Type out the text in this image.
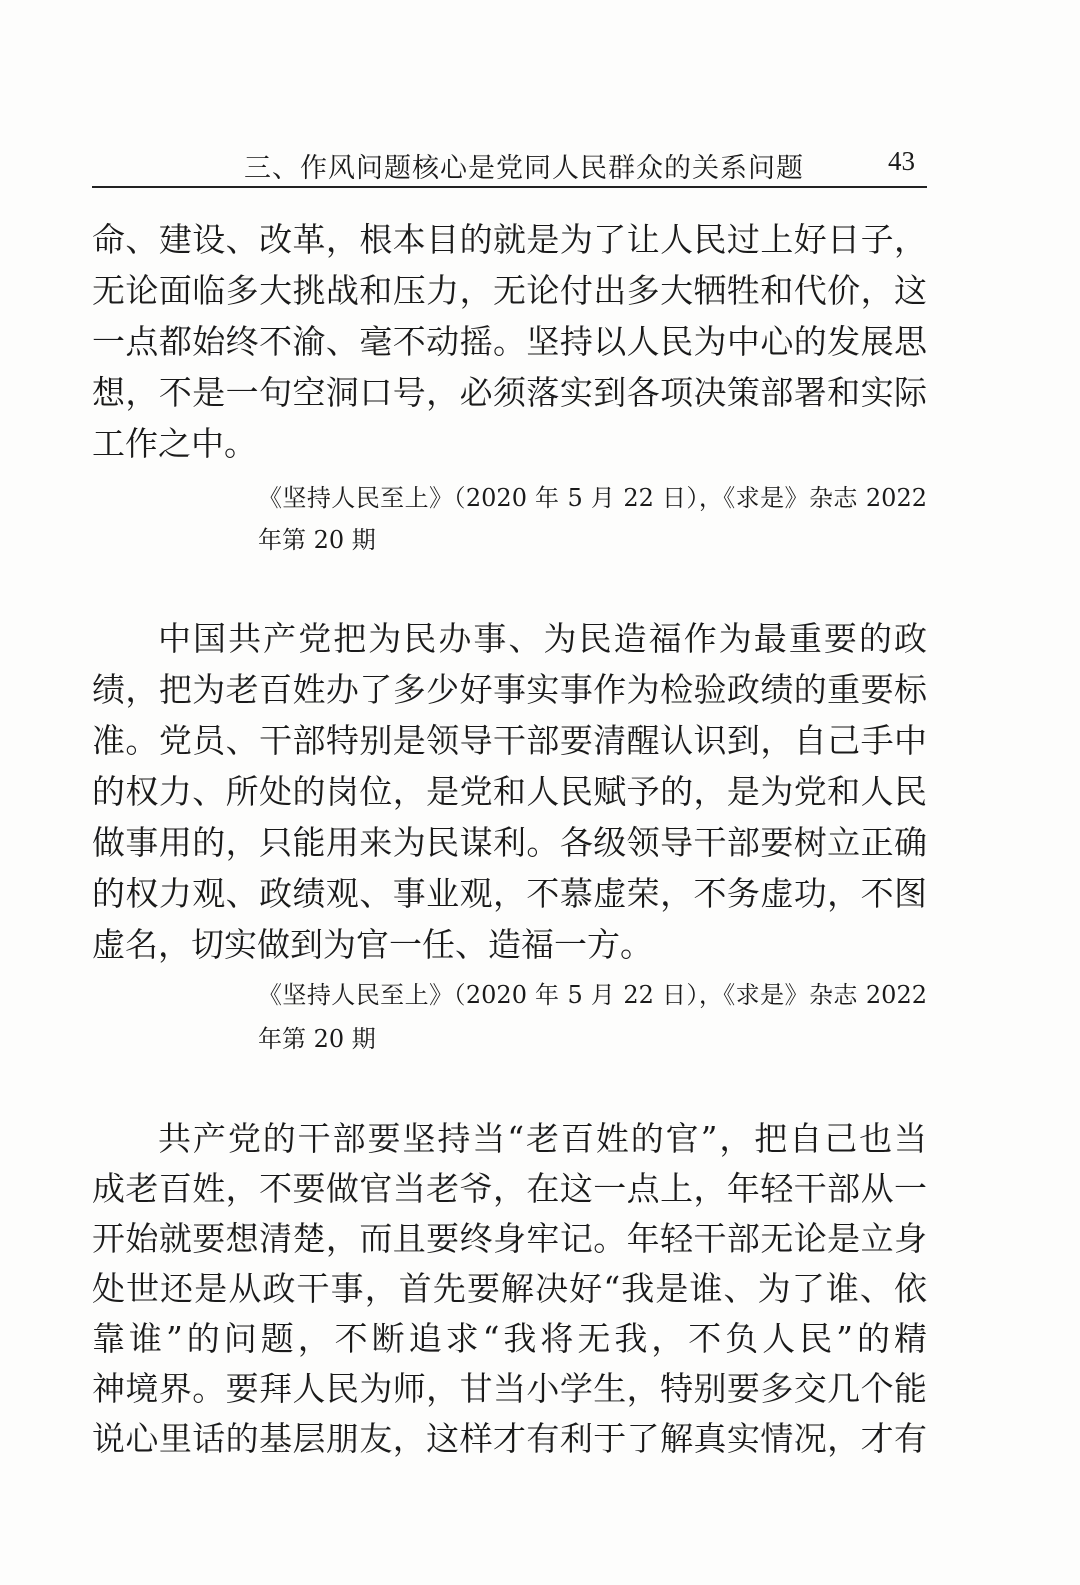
三、作风问题核心是党同人民群众的关系问题	43
命、建设、改革，根本目的就是为了让人民过上好日子，
无论面临多大挑战和压力，无论付出多大牺牲和代价，这
一点都始终不渝、毫不动摇。坚持以人民为中心的发展思
想，不是一句空洞口号，必须落实到各项决策部署和实际
工作之中。
《坚持人民至上》（2020 年 5 月 22 日），《求是》杂志 2022
年第 20 期
中国共产党把为民办事、为民造福作为最重要的政
绩，把为老百姓办了多少好事实事作为检验政绩的重要标
准。党员、干部特别是领导干部要清醒认识到，自己手中
的权力、所处的岗位，是党和人民赋予的，是为党和人民
做事用的，只能用来为民谋利。各级领导干部要树立正确
的权力观、政绩观、事业观，不慕虚荣，不务虚功，不图
虚名，切实做到为官一任、造福一方。
《坚持人民至上》（2020 年 5 月 22 日），《求是》杂志 2022
年第 20 期
共产党的干部要坚持当“老百姓的官”，把自己也当
成老百姓，不要做官当老爷，在这一点上，年轻干部从一
开始就要想清楚，而且要终身牢记。年轻干部无论是立身
处世还是从政干事，首先要解决好“我是谁、为了谁、依
靠谁”的问题，不断追求“我将无我，不负人民”的精
神境界。要拜人民为师，甘当小学生，特别要多交几个能
说心里话的基层朋友，这样才有利于了解真实情况，才有
